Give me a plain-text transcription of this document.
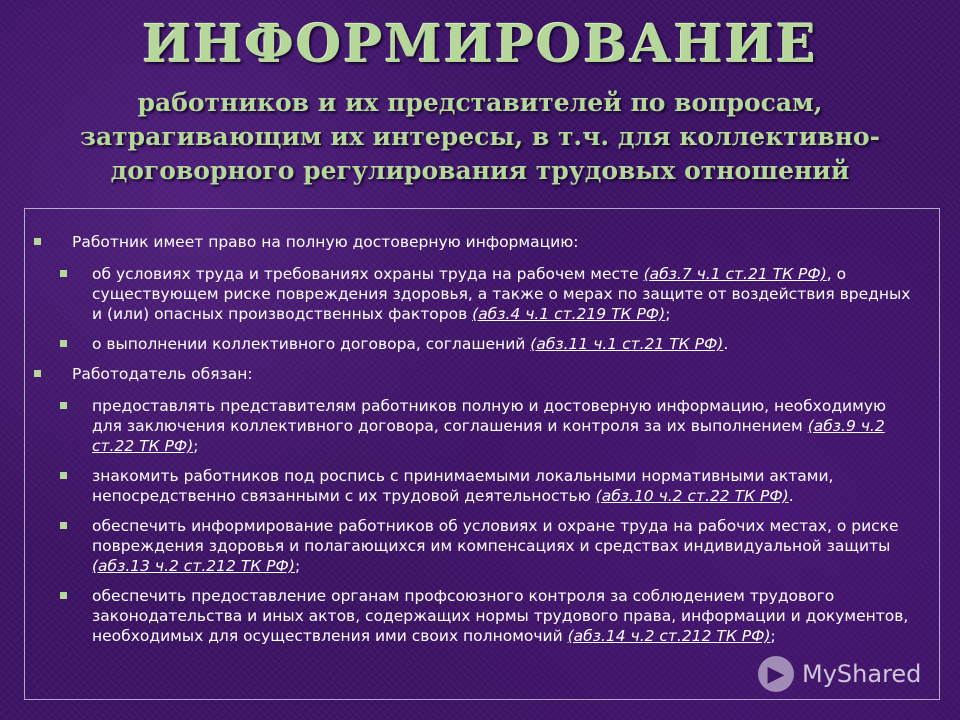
ИНФОРМИРОВАНИЕ
работников и их представителей по вопросам, затрагивающим их интересы, в т.ч. для коллективно-договорного регулирования трудовых отношений
Работник имеет право на полную достоверную информацию:
об условиях труда и требованиях охраны труда на рабочем месте (абз.7 ч.1 ст.21 ТК РФ), о существующем риске повреждения здоровья, а также о мерах по защите от воздействия вредных и (или) опасных производственных факторов (абз.4 ч.1 ст.219 ТК РФ);
о выполнении коллективного договора, соглашений (абз.11 ч.1 ст.21 ТК РФ).
Работодатель обязан:
предоставлять представителям работников полную и достоверную информацию, необходимую для заключения коллективного договора, соглашения и контроля за их выполнением (абз.9 ч.2 ст.22 ТК РФ);
знакомить работников под роспись с принимаемыми локальными нормативными актами, непосредственно связанными с их трудовой деятельностью (абз.10 ч.2 ст.22 ТК РФ).
обеспечить информирование работников об условиях и охране труда на рабочих местах, о риске повреждения здоровья и полагающихся им компенсациях и средствах индивидуальной защиты (абз.13 ч.2 ст.212 ТК РФ);
обеспечить предоставление органам профсоюзного контроля за соблюдением трудового законодательства и иных актов, содержащих нормы трудового права, информации и документов, необходимых для осуществления ими своих полномочий (абз.14 ч.2 ст.212 ТК РФ);
▶ MyShared
